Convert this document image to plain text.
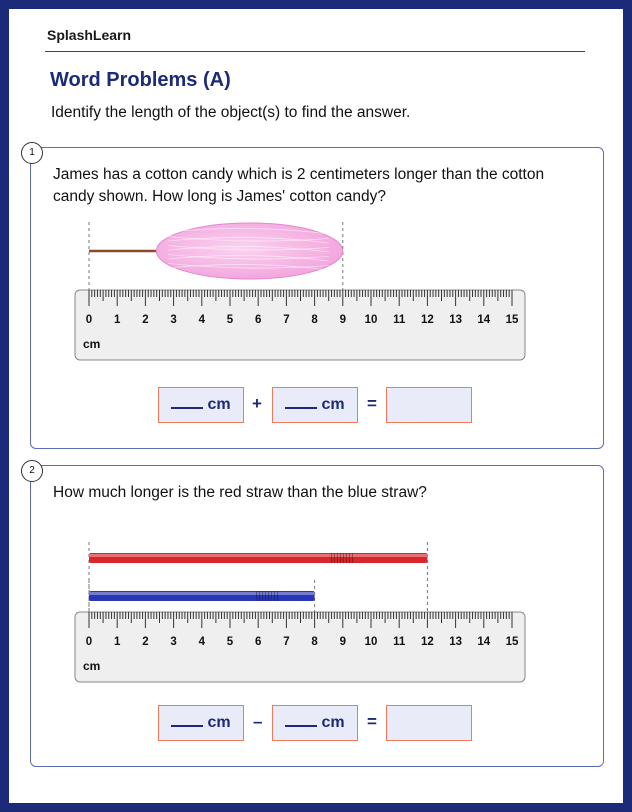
SplashLearn
Word Problems (A)
Identify the length of the object(s) to find the answer.
James has a cotton candy which is 2 centimeters longer than the cotton candy shown. How long is James' cotton candy?
0 1 2 3 4 5 6 7 8 9 10 11 12 13 14 15
cm
cm	+	cm	=
1
How much longer is the red straw than the blue straw?
0 1 2 3 4 5 6 7 8 9 10 11 12 13 14 15
cm
cm	–	cm	=
2
